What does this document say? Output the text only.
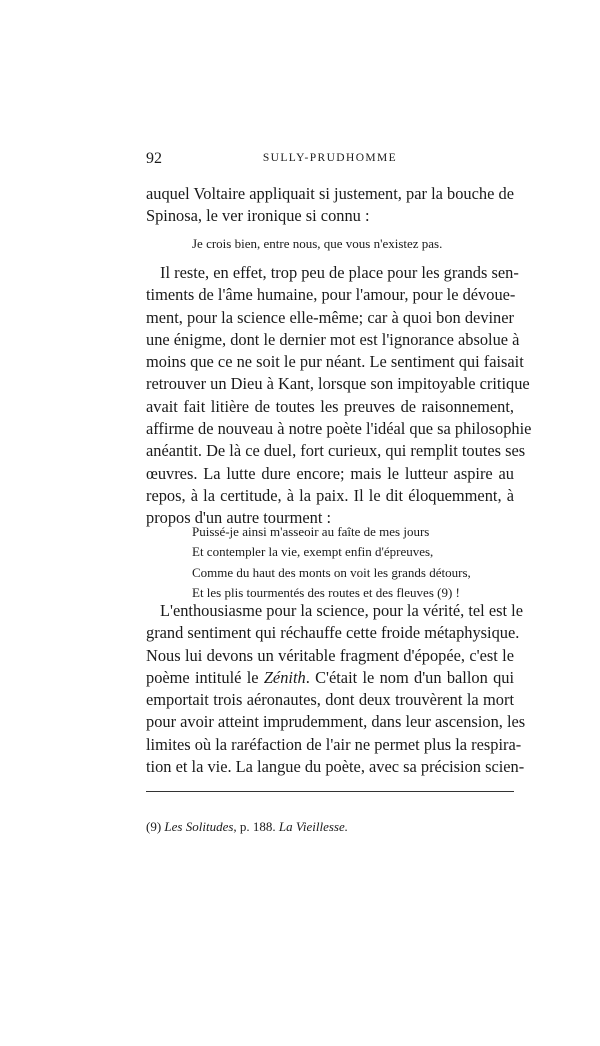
92	SULLY-PRUDHOMME
auquel Voltaire appliquait si justement, par la bouche de
Spinosa, le ver ironique si connu :
Je crois bien, entre nous, que vous n'existez pas.
Il reste, en effet, trop peu de place pour les grands sen-
timents de l'âme humaine, pour l'amour, pour le dévoue-
ment, pour la science elle-même; car à quoi bon deviner
une énigme, dont le dernier mot est l'ignorance absolue à
moins que ce ne soit le pur néant. Le sentiment qui faisait
retrouver un Dieu à Kant, lorsque son impitoyable critique
avait fait litière de toutes les preuves de raisonnement,
affirme de nouveau à notre poète l'idéal que sa philosophie
anéantit. De là ce duel, fort curieux, qui remplit toutes ses
œuvres. La lutte dure encore; mais le lutteur aspire au
repos, à la certitude, à la paix. Il le dit éloquemment, à
propos d'un autre tourment :
Puissé-je ainsi m'asseoir au faîte de mes jours
Et contempler la vie, exempt enfin d'épreuves,
Comme du haut des monts on voit les grands détours,
Et les plis tourmentés des routes et des fleuves (9) !
L'enthousiasme pour la science, pour la vérité, tel est le
grand sentiment qui réchauffe cette froide métaphysique.
Nous lui devons un véritable fragment d'épopée, c'est le
poème intitulé le Zénith. C'était le nom d'un ballon qui
emportait trois aéronautes, dont deux trouvèrent la mort
pour avoir atteint imprudemment, dans leur ascension, les
limites où la raréfaction de l'air ne permet plus la respira-
tion et la vie. La langue du poète, avec sa précision scien-
(9) Les Solitudes, p. 188. La Vieillesse.
